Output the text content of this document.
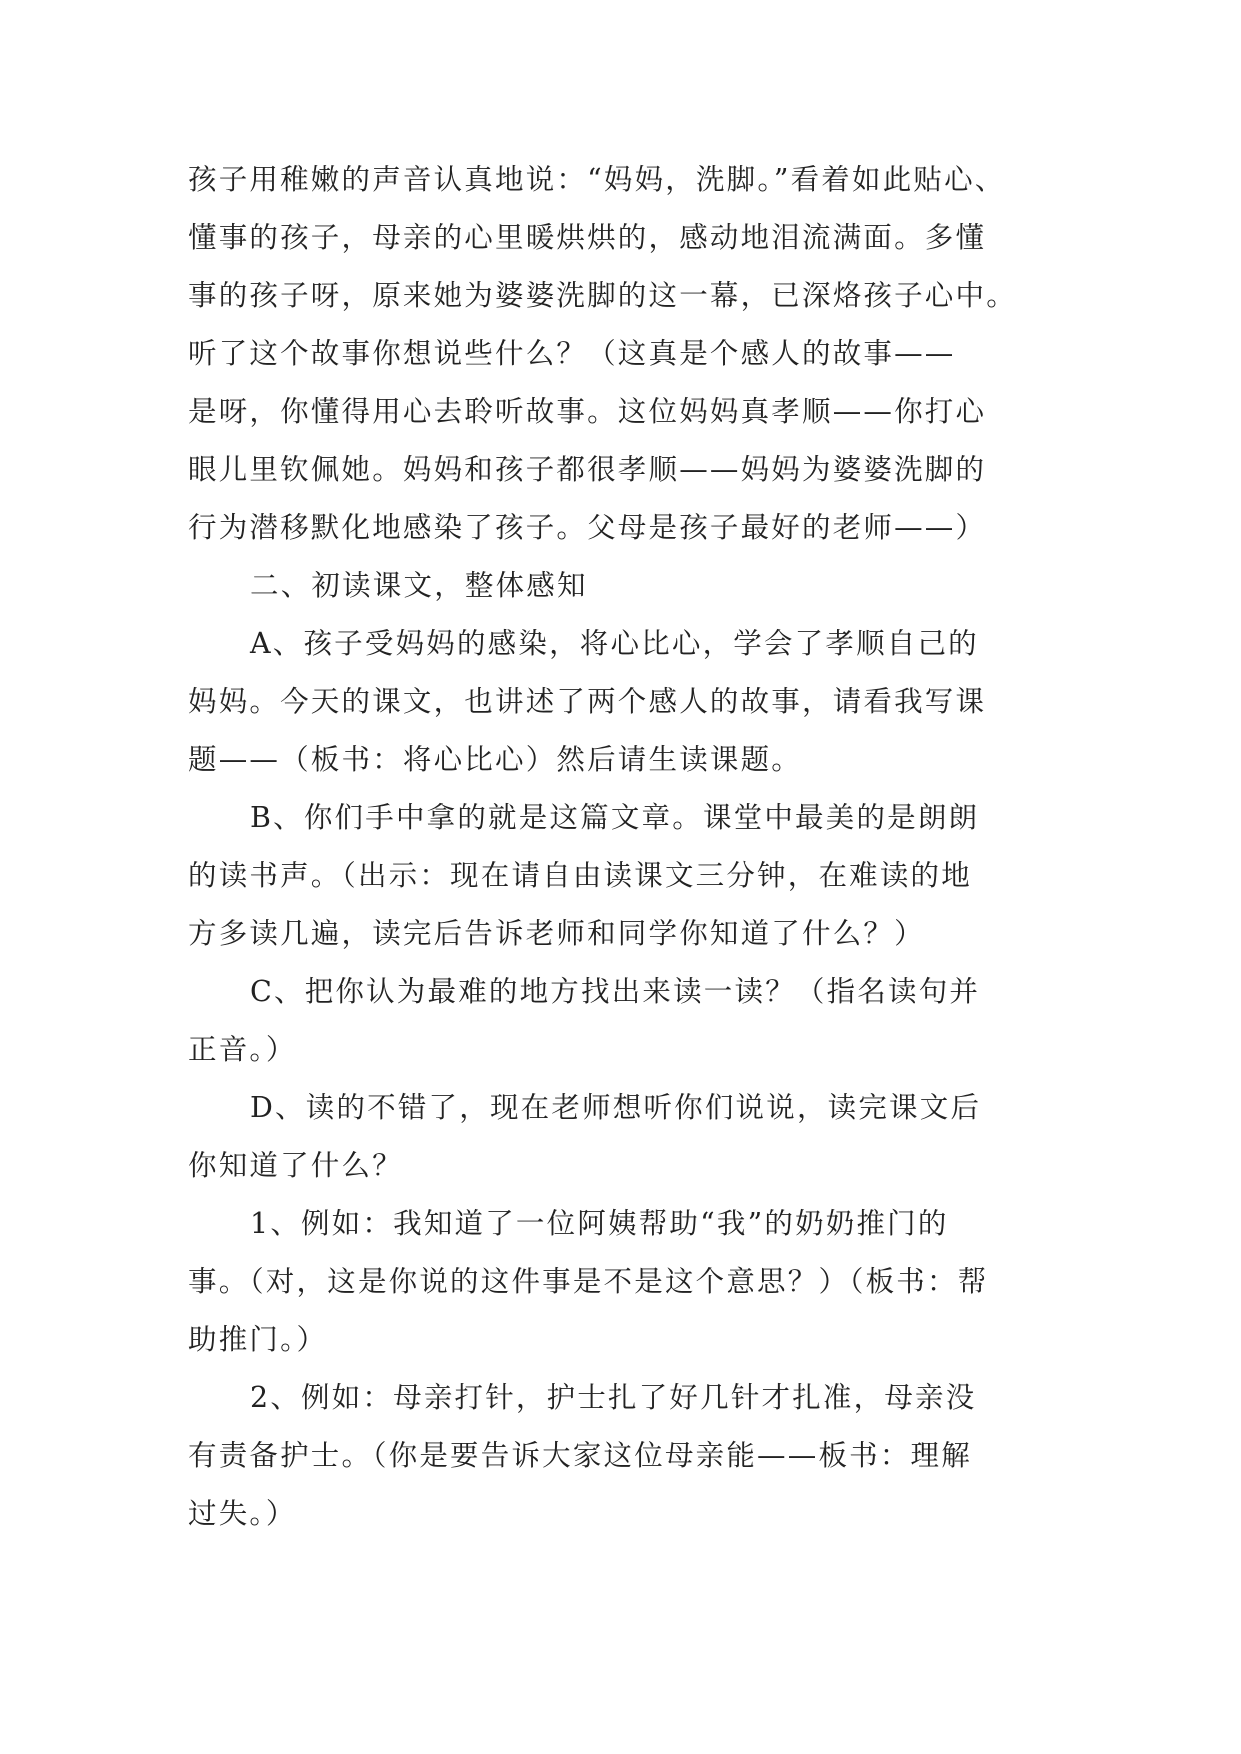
孩子用稚嫩的声音认真地说：“妈妈，洗脚。”看着如此贴心、

懂事的孩子，母亲的心里暖烘烘的，感动地泪流满面。多懂

事的孩子呀，原来她为婆婆洗脚的这一幕，已深烙孩子心中。

听了这个故事你想说些什么？（这真是个感人的故事——

是呀，你懂得用心去聆听故事。这位妈妈真孝顺——你打心

眼儿里钦佩她。妈妈和孩子都很孝顺——妈妈为婆婆洗脚的

行为潜移默化地感染了孩子。父母是孩子最好的老师——）

二、初读课文，整体感知

A、孩子受妈妈的感染，将心比心，学会了孝顺自己的

妈妈。今天的课文，也讲述了两个感人的故事，请看我写课

题——（板书：将心比心）然后请生读课题。

B、你们手中拿的就是这篇文章。课堂中最美的是朗朗

的读书声。（出示：现在请自由读课文三分钟，在难读的地

方多读几遍，读完后告诉老师和同学你知道了什么？）

C、把你认为最难的地方找出来读一读？（指名读句并

正音。）

D、读的不错了，现在老师想听你们说说，读完课文后

你知道了什么？

1、例如：我知道了一位阿姨帮助“我”的奶奶推门的

事。（对，这是你说的这件事是不是这个意思？）（板书：帮

助推门。）

2、例如：母亲打针，护士扎了好几针才扎准，母亲没

有责备护士。（你是要告诉大家这位母亲能——板书：理解

过失。）
